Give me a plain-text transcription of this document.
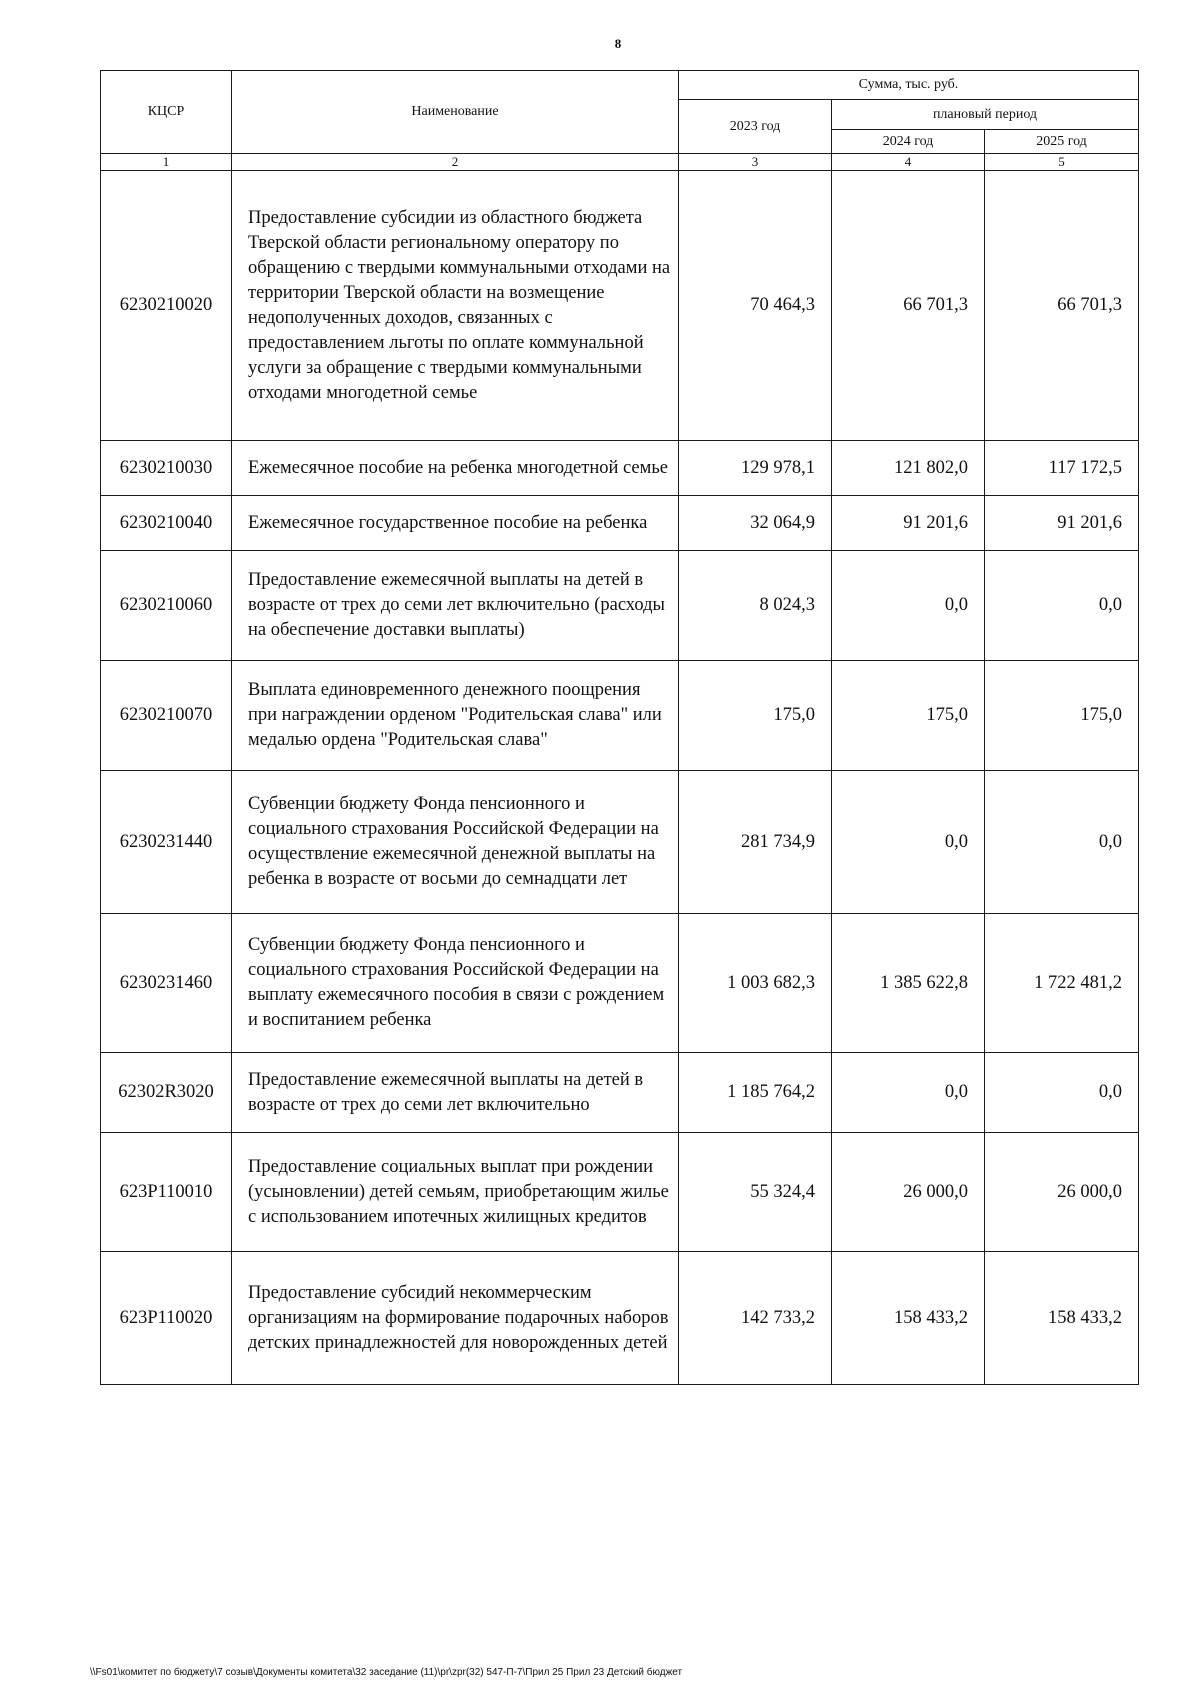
8
КЦСР	Наименование	Сумма, тыс. руб.		
		2023 год	плановый период	
			2024 год	2025 год
1	2	3	4	5
6230210020	Предоставление субсидии из областного бюджета Тверской области региональному оператору по обращению с твердыми коммунальными отходами на территории Тверской области на возмещение недополученных доходов, связанных с предоставлением льготы по оплате коммунальной услуги за обращение с твердыми коммунальными отходами многодетной семье	70 464,3	66 701,3	66 701,3
6230210030	Ежемесячное пособие на ребенка многодетной семье	129 978,1	121 802,0	117 172,5
6230210040	Ежемесячное государственное пособие на ребенка	32 064,9	91 201,6	91 201,6
6230210060	Предоставление ежемесячной выплаты на детей в возрасте от трех до семи лет включительно (расходы на обеспечение доставки выплаты)	8 024,3	0,0	0,0
6230210070	Выплата единовременного денежного поощрения при награждении орденом "Родительская слава" или медалью ордена "Родительская слава"	175,0	175,0	175,0
6230231440	Субвенции бюджету Фонда пенсионного и социального страхования Российской Федерации на осуществление ежемесячной денежной выплаты на ребенка в возрасте от восьми до семнадцати лет	281 734,9	0,0	0,0
6230231460	Субвенции бюджету Фонда пенсионного и социального страхования Российской Федерации на выплату ежемесячного пособия в связи с рождением и воспитанием ребенка	1 003 682,3	1 385 622,8	1 722 481,2
62302R3020	Предоставление ежемесячной выплаты на детей в возрасте от трех до семи лет включительно	1 185 764,2	0,0	0,0
623P110010	Предоставление социальных выплат при рождении (усыновлении) детей семьям, приобретающим жилье с использованием ипотечных жилищных кредитов	55 324,4	26 000,0	26 000,0
623P110020	Предоставление субсидий некоммерческим организациям на формирование подарочных наборов детских принадлежностей для новорожденных детей	142 733,2	158 433,2	158 433,2
\\Fs01\комитет по бюджету\7 созыв\Документы комитета\32 заседание (11)\pr\zpr(32) 547-П-7\Прил 25 Прил 23 Детский бюджет
